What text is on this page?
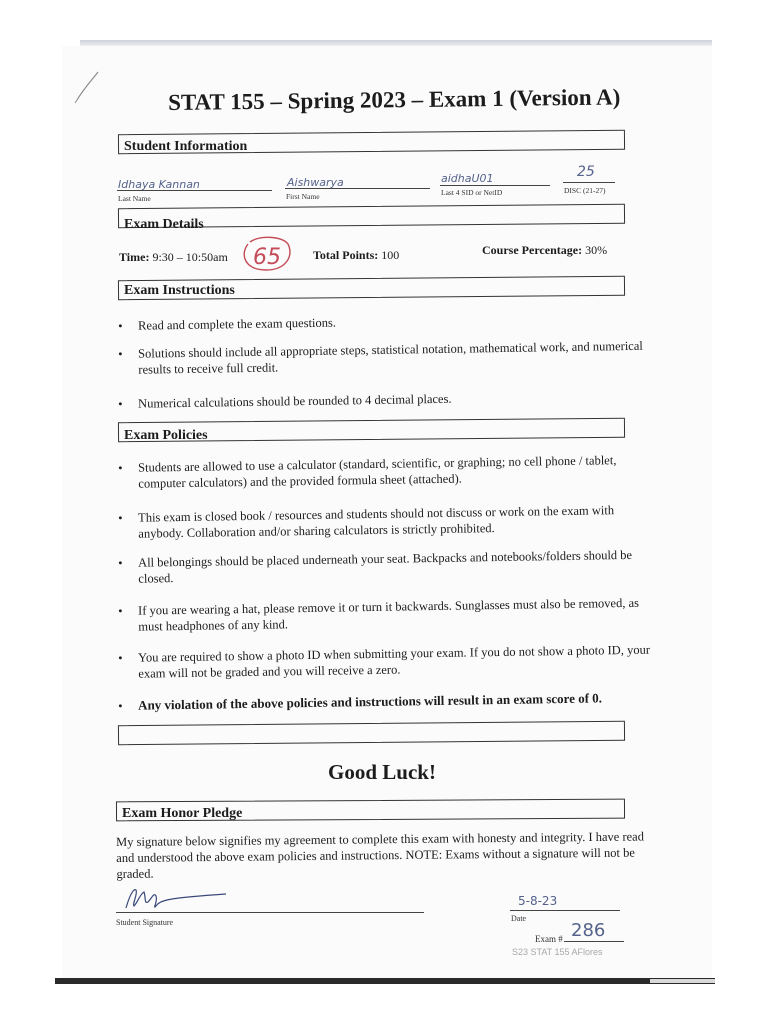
STAT 155 – Spring 2023 – Exam 1 (Version A)
Student Information
Idhaya Kannan
Last Name
Aishwarya
First Name
aidhaU01
Last 4 SID or NetID
25
DISC (21-27)
Exam Details
Time: 9:30 – 10:50am 65	Total Points: 100	Course Percentage: 30%
Exam Instructions
•	Read and complete the exam questions.
•	Solutions should include all appropriate steps, statistical notation, mathematical work, and numerical results to receive full credit.
•	Numerical calculations should be rounded to 4 decimal places.
Exam Policies
•	Students are allowed to use a calculator (standard, scientific, or graphing; no cell phone / tablet, computer calculators) and the provided formula sheet (attached).
•	This exam is closed book / resources and students should not discuss or work on the exam with anybody. Collaboration and/or sharing calculators is strictly prohibited.
•	All belongings should be placed underneath your seat. Backpacks and notebooks/folders should be closed.
•	If you are wearing a hat, please remove it or turn it backwards. Sunglasses must also be removed, as must headphones of any kind.
•	You are required to show a photo ID when submitting your exam. If you do not show a photo ID, your exam will not be graded and you will receive a zero.
•	Any violation of the above policies and instructions will result in an exam score of 0.
Good Luck!
Exam Honor Pledge
My signature below signifies my agreement to complete this exam with honesty and integrity. I have read and understood the above exam policies and instructions. NOTE: Exams without a signature will not be graded.
Student Signature
5-8-23
Date
Exam # 286
S23 STAT 155 AFlores
